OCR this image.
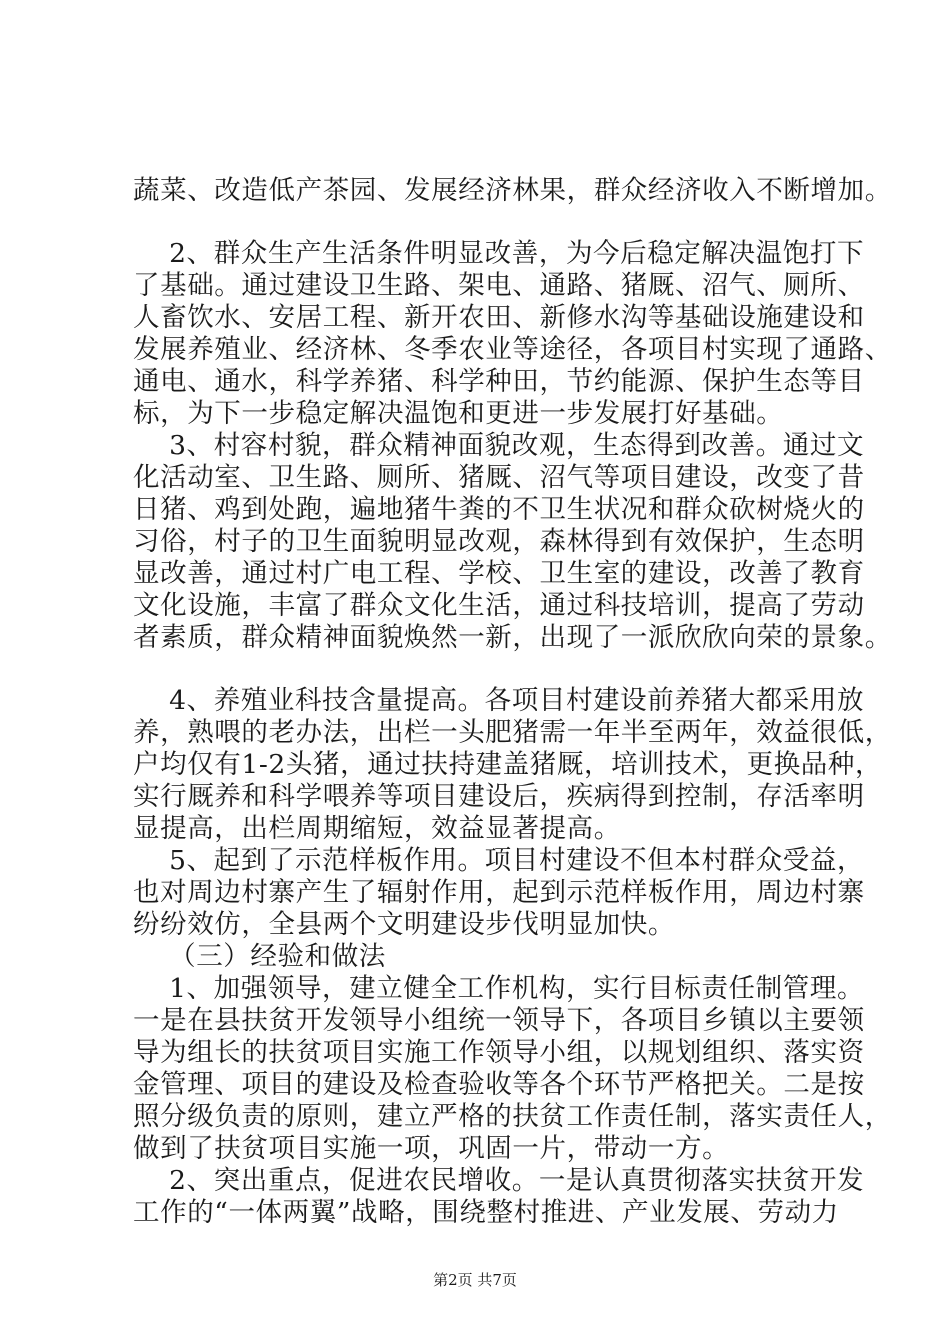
蔬菜、改造低产茶园、发展经济林果，群众经济收入不断增加。
2、群众生产生活条件明显改善，为今后稳定解决温饱打下
了基础。通过建设卫生路、架电、通路、猪厩、沼气、厕所、
人畜饮水、安居工程、新开农田、新修水沟等基础设施建设和
发展养殖业、经济林、冬季农业等途径，各项目村实现了通路、
通电、通水，科学养猪、科学种田，节约能源、保护生态等目
标，为下一步稳定解决温饱和更进一步发展打好基础。
3、村容村貌，群众精神面貌改观，生态得到改善。通过文
化活动室、卫生路、厕所、猪厩、沼气等项目建设，改变了昔
日猪、鸡到处跑，遍地猪牛粪的不卫生状况和群众砍树烧火的
习俗，村子的卫生面貌明显改观，森林得到有效保护，生态明
显改善，通过村广电工程、学校、卫生室的建设，改善了教育
文化设施，丰富了群众文化生活，通过科技培训，提高了劳动
者素质，群众精神面貌焕然一新，出现了一派欣欣向荣的景象。
4、养殖业科技含量提高。各项目村建设前养猪大都采用放
养，熟喂的老办法，出栏一头肥猪需一年半至两年，效益很低，
户均仅有1-2头猪，通过扶持建盖猪厩，培训技术，更换品种，
实行厩养和科学喂养等项目建设后，疾病得到控制，存活率明
显提高，出栏周期缩短，效益显著提高。
5、起到了示范样板作用。项目村建设不但本村群众受益，
也对周边村寨产生了辐射作用，起到示范样板作用，周边村寨
纷纷效仿，全县两个文明建设步伐明显加快。
（三）经验和做法
1、加强领导，建立健全工作机构，实行目标责任制管理。
一是在县扶贫开发领导小组统一领导下，各项目乡镇以主要领
导为组长的扶贫项目实施工作领导小组，以规划组织、落实资
金管理、项目的建设及检查验收等各个环节严格把关。二是按
照分级负责的原则，建立严格的扶贫工作责任制，落实责任人，
做到了扶贫项目实施一项，巩固一片，带动一方。
2、突出重点，促进农民增收。一是认真贯彻落实扶贫开发
工作的“一体两翼”战略，围绕整村推进、产业发展、劳动力
第2页 共7页
